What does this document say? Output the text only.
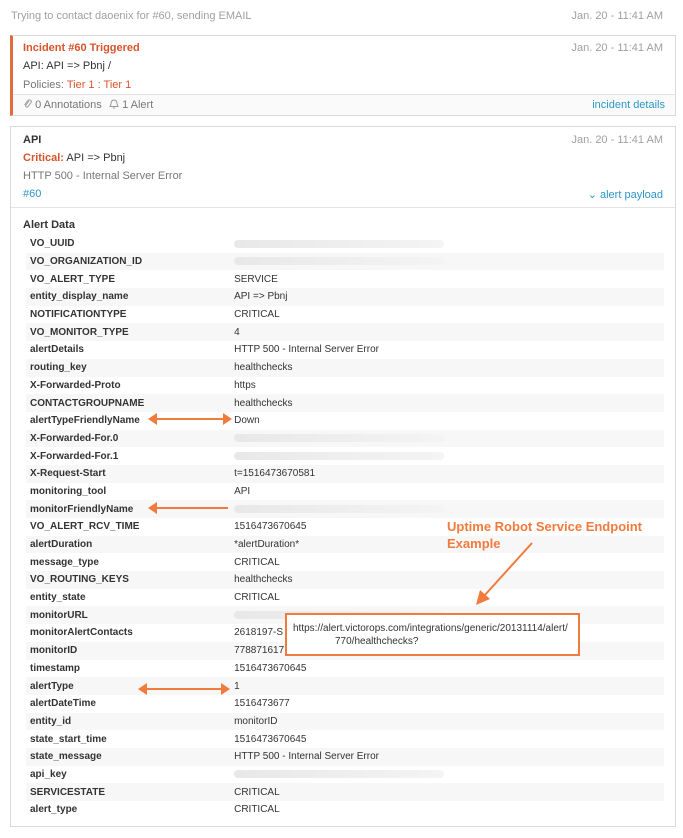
Trying to contact daoenix for #60, sending EMAIL	Jan. 20 - 11:41 AM
Incident #60 Triggered	Jan. 20 - 11:41 AM
API: API => Pbnj /
Policies: Tier 1 : Tier 1
0 Annotations	1 Alert	incident details
API	Jan. 20 - 11:41 AM
Critical: API => Pbnj
HTTP 500 - Internal Server Error
#60	⌄ alert payload
Alert Data
VO_UUID	
VO_ORGANIZATION_ID	
VO_ALERT_TYPE	SERVICE
entity_display_name	API => Pbnj
NOTIFICATIONTYPE	CRITICAL
VO_MONITOR_TYPE	4
alertDetails	HTTP 500 - Internal Server Error
routing_key	healthchecks
X-Forwarded-Proto	https
CONTACTGROUPNAME	healthchecks
alertTypeFriendlyName	Down
X-Forwarded-For.0	
X-Forwarded-For.1	
X-Request-Start	t=1516473670581
monitoring_tool	API
monitorFriendlyName	
VO_ALERT_RCV_TIME	1516473670645
alertDuration	*alertDuration*
message_type	CRITICAL
VO_ROUTING_KEYS	healthchecks
entity_state	CRITICAL
monitorURL	
monitorAlertContacts	2618197-S
monitorID	778871617
timestamp	1516473670645
alertType	1
alertDateTime	1516473677
entity_id	monitorID
state_start_time	1516473670645
state_message	HTTP 500 - Internal Server Error
api_key	
SERVICESTATE	CRITICAL
alert_type	CRITICAL
Uptime Robot Service Endpoint
Example
https://alert.victorops.com/integrations/generic/20131114/alert/
770/healthchecks?
